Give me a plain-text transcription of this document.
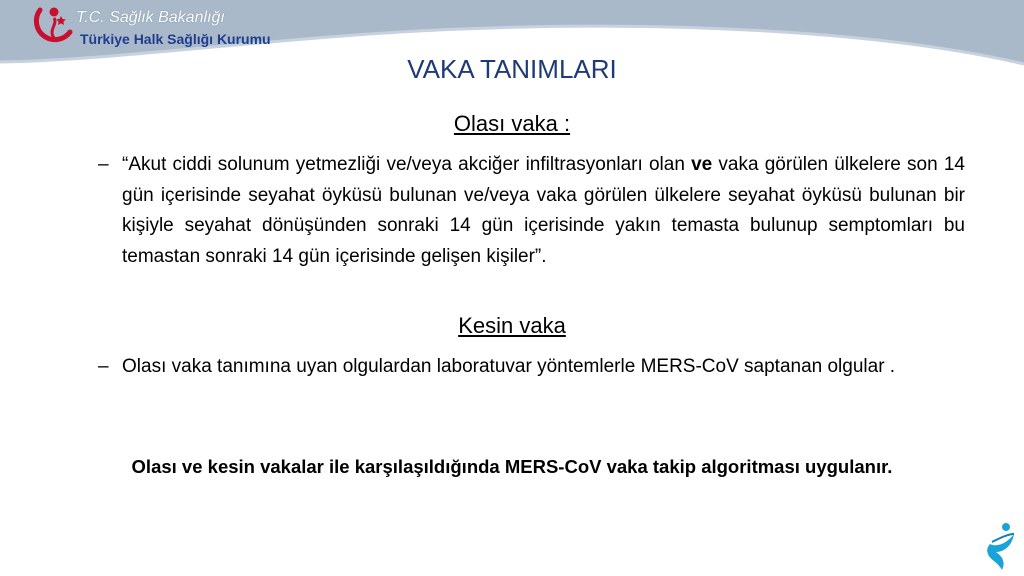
T.C. Sağlık Bakanlığı
Türkiye Halk Sağlığı Kurumu
VAKA TANIMLARI
Olası vaka :
– “Akut ciddi solunum yetmezliği ve/veya akciğer infiltrasyonları olan ve vaka görülen ülkelere son 14 gün içerisinde seyahat öyküsü bulunan ve/veya vaka görülen ülkelere seyahat öyküsü bulunan bir kişiyle seyahat dönüşünden sonraki 14 gün içerisinde yakın temasta bulunup semptomları bu temastan sonraki 14 gün içerisinde gelişen kişiler”.
Kesin vaka
– Olası vaka tanımına uyan olgulardan laboratuvar yöntemlerle MERS-CoV saptanan olgular .
Olası ve kesin vakalar ile karşılaşıldığında MERS-CoV vaka takip algoritması uygulanır.
